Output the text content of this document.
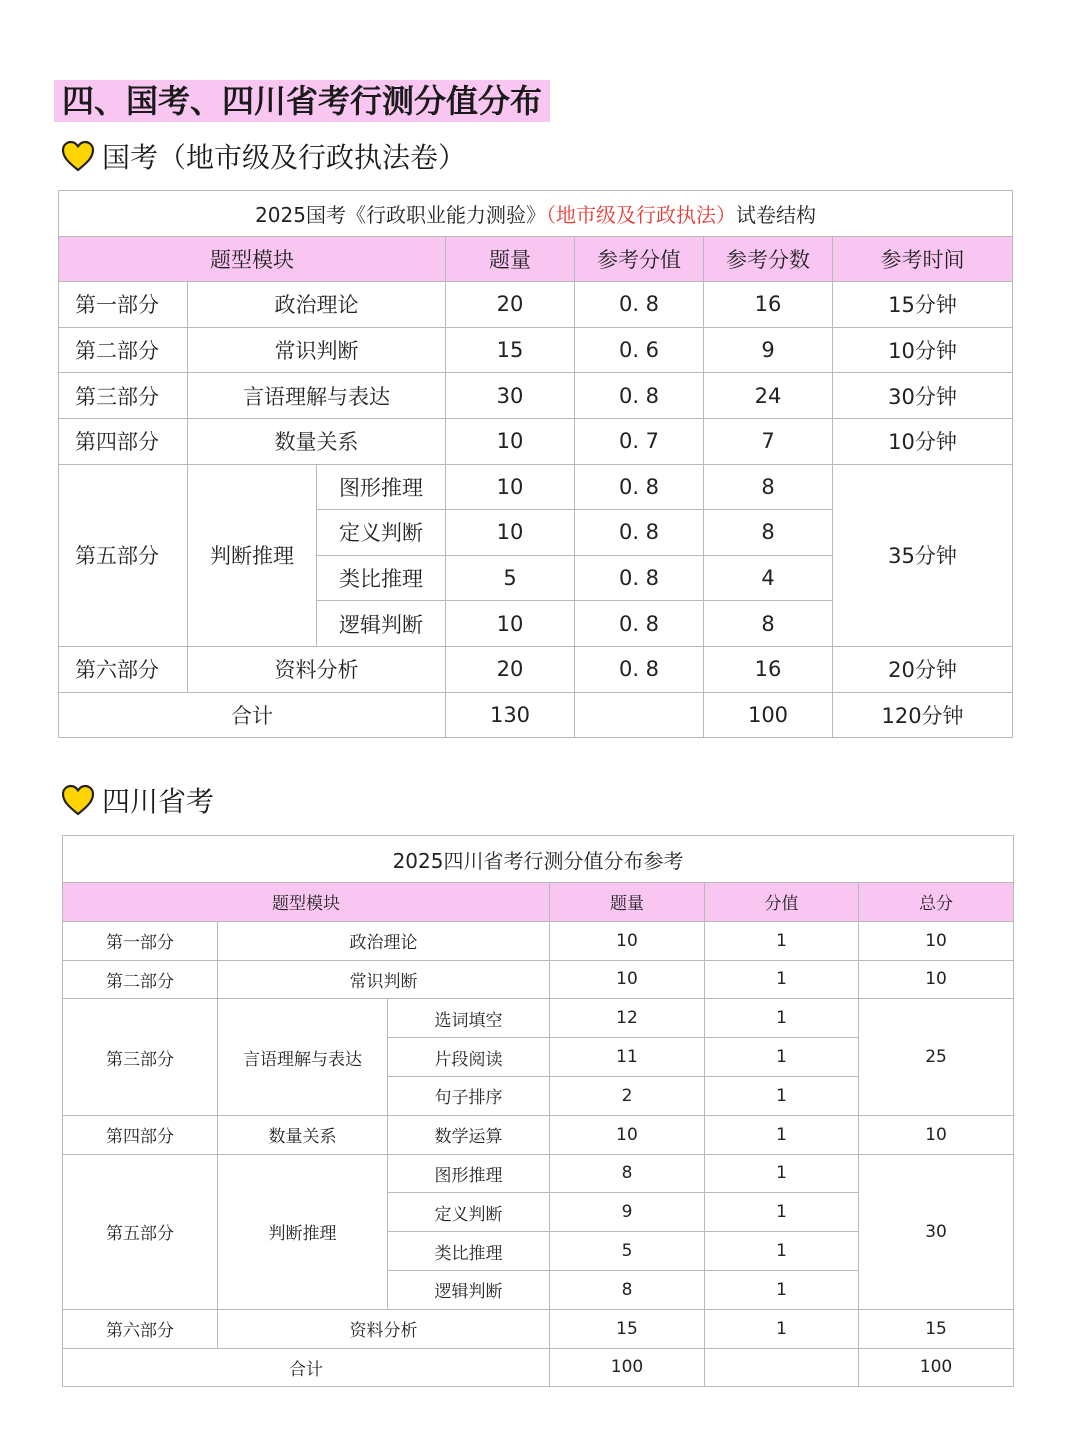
四、国考、四川省考行测分值分布
国考（地市级及行政执法卷）
2025国考《行政职业能力测验》（地市级及行政执法）试卷结构						
题型模块			题量	参考分值	参考分数	参考时间
第一部分	政治理论		20	0. 8	16	15分钟
第二部分	常识判断		15	0. 6	9	10分钟
第三部分	言语理解与表达		30	0. 8	24	30分钟
第四部分	数量关系		10	0. 7	7	10分钟
第五部分	判断推理	图形推理	10	0. 8	8	35分钟
		定义判断	10	0. 8	8	
		类比推理	5	0. 8	4	
		逻辑判断	10	0. 8	8	
第六部分	资料分析		20	0. 8	16	20分钟
合计			130		100	120分钟
四川省考
2025四川省考行测分值分布参考					
题型模块			题量	分值	总分
第一部分	政治理论		10	1	10
第二部分	常识判断		10	1	10
第三部分	言语理解与表达	选词填空	12	1	25
		片段阅读	11	1	
		句子排序	2	1	
第四部分	数量关系	数学运算	10	1	10
第五部分	判断推理	图形推理	8	1	30
		定义判断	9	1	
		类比推理	5	1	
		逻辑判断	8	1	
第六部分	资料分析		15	1	15
合计			100		100
